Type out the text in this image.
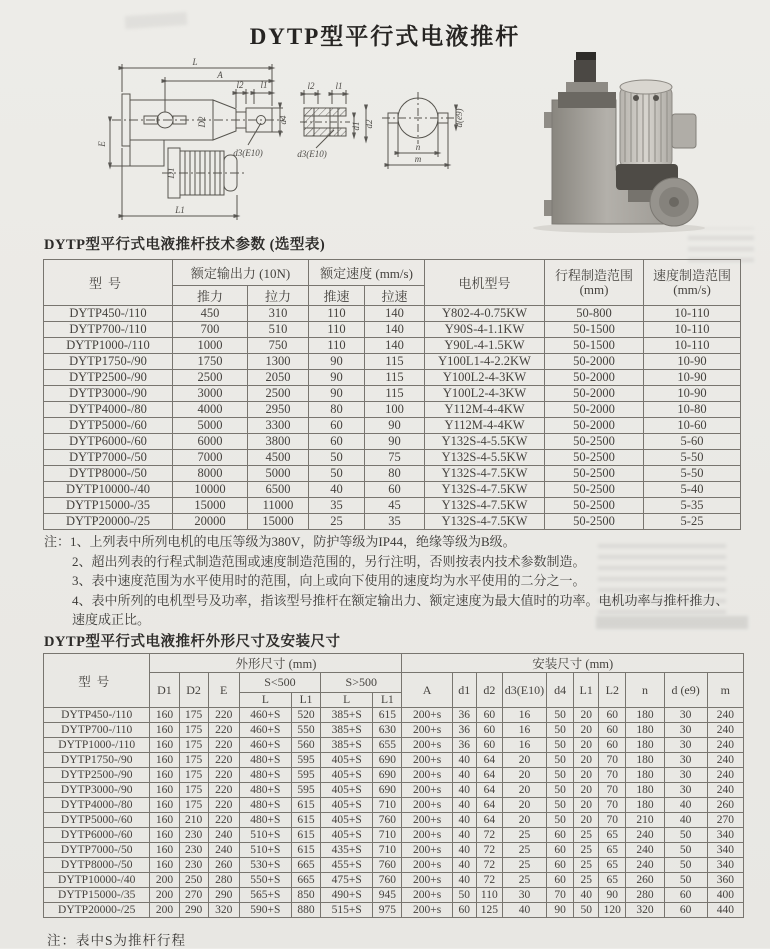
DYTP型平行式电液推杆
L
A
l2 l1
d3(E10)
d4
D2
E
D1
L1
l2 l1
d3(E10)
d1 d2
n
m
d(e9)
DYTP型平行式电液推杆技术参数 (选型表)
型号	额定输出力 (10N)	额定速度 (mm/s)	电机型号	
行程制造范围
(mm)

速度制造范围
(mm/s)

	推力	拉力	推速	拉速			
DYTP450-/110	450	310	110	140	Y802-4-0.75KW	50-800	10-110
DYTP700-/110	700	510	110	140	Y90S-4-1.1KW	50-1500	10-110
DYTP1000-/110	1000	750	110	140	Y90L-4-1.5KW	50-1500	10-110
DYTP1750-/90	1750	1300	90	115	Y100L1-4-2.2KW	50-2000	10-90
DYTP2500-/90	2500	2050	90	115	Y100L2-4-3KW	50-2000	10-90
DYTP3000-/90	3000	2500	90	115	Y100L2-4-3KW	50-2000	10-90
DYTP4000-/80	4000	2950	80	100	Y112M-4-4KW	50-2000	10-80
DYTP5000-/60	5000	3300	60	90	Y112M-4-4KW	50-2000	10-60
DYTP6000-/60	6000	3800	60	90	Y132S-4-5.5KW	50-2500	5-60
DYTP7000-/50	7000	4500	50	75	Y132S-4-5.5KW	50-2500	5-50
DYTP8000-/50	8000	5000	50	80	Y132S-4-7.5KW	50-2500	5-50
DYTP10000-/40	10000	6500	40	60	Y132S-4-7.5KW	50-2500	5-40
DYTP15000-/35	15000	11000	35	45	Y132S-4-7.5KW	50-2500	5-35
DYTP20000-/25	20000	15000	25	35	Y132S-4-7.5KW	50-2500	5-25
注：1、上列表中所列电机的电压等级为380V，防护等级为IP44，绝缘等级为B级。
2、超出列表的行程式制造范围或速度制造范围的，另行注明，否则按表内技术参数制造。
3、表中速度范围为水平使用时的范围，向上或向下使用的速度均为水平使用的二分之一。
4、表中所列的电机型号及功率，指该型号推杆在额定输出力、额定速度为最大值时的功率。电机功率与推杆推力、速度成正比。
DYTP型平行式电液推杆外形尺寸及安装尺寸
型号	外形尺寸 (mm)							安装尺寸 (mm)									
	D1	D2	E	S<500		S>500		A	d1	d2	d3(E10)	d4	L1	L2	n	d (e9)	m
				L	L1	L	L1										
DYTP450-/110	160	175	220	460+S	520	385+S	615	200+s	36	60	16	50	20	60	180	30	240
DYTP700-/110	160	175	220	460+S	550	385+S	630	200+s	36	60	16	50	20	60	180	30	240
DYTP1000-/110	160	175	220	460+S	560	385+S	655	200+s	36	60	16	50	20	60	180	30	240
DYTP1750-/90	160	175	220	480+S	595	405+S	690	200+s	40	64	20	50	20	70	180	30	240
DYTP2500-/90	160	175	220	480+S	595	405+S	690	200+s	40	64	20	50	20	70	180	30	240
DYTP3000-/90	160	175	220	480+S	595	405+S	690	200+s	40	64	20	50	20	70	180	30	240
DYTP4000-/80	160	175	220	480+S	615	405+S	710	200+s	40	64	20	50	20	70	180	40	260
DYTP5000-/60	160	210	220	480+S	615	405+S	760	200+s	40	64	20	50	20	70	210	40	270
DYTP6000-/60	160	230	240	510+S	615	405+S	710	200+s	40	72	25	60	25	65	240	50	340
DYTP7000-/50	160	230	240	510+S	615	435+S	710	200+s	40	72	25	60	25	65	240	50	340
DYTP8000-/50	160	230	260	530+S	665	455+S	760	200+s	40	72	25	60	25	65	240	50	340
DYTP10000-/40	200	250	280	550+S	665	475+S	760	200+s	40	72	25	60	25	65	260	50	360
DYTP15000-/35	200	270	290	565+S	850	490+S	945	200+s	50	110	30	70	40	90	280	60	400
DYTP20000-/25	200	290	320	590+S	880	515+S	975	200+s	60	125	40	90	50	120	320	60	440
注：表中S为推杆行程
